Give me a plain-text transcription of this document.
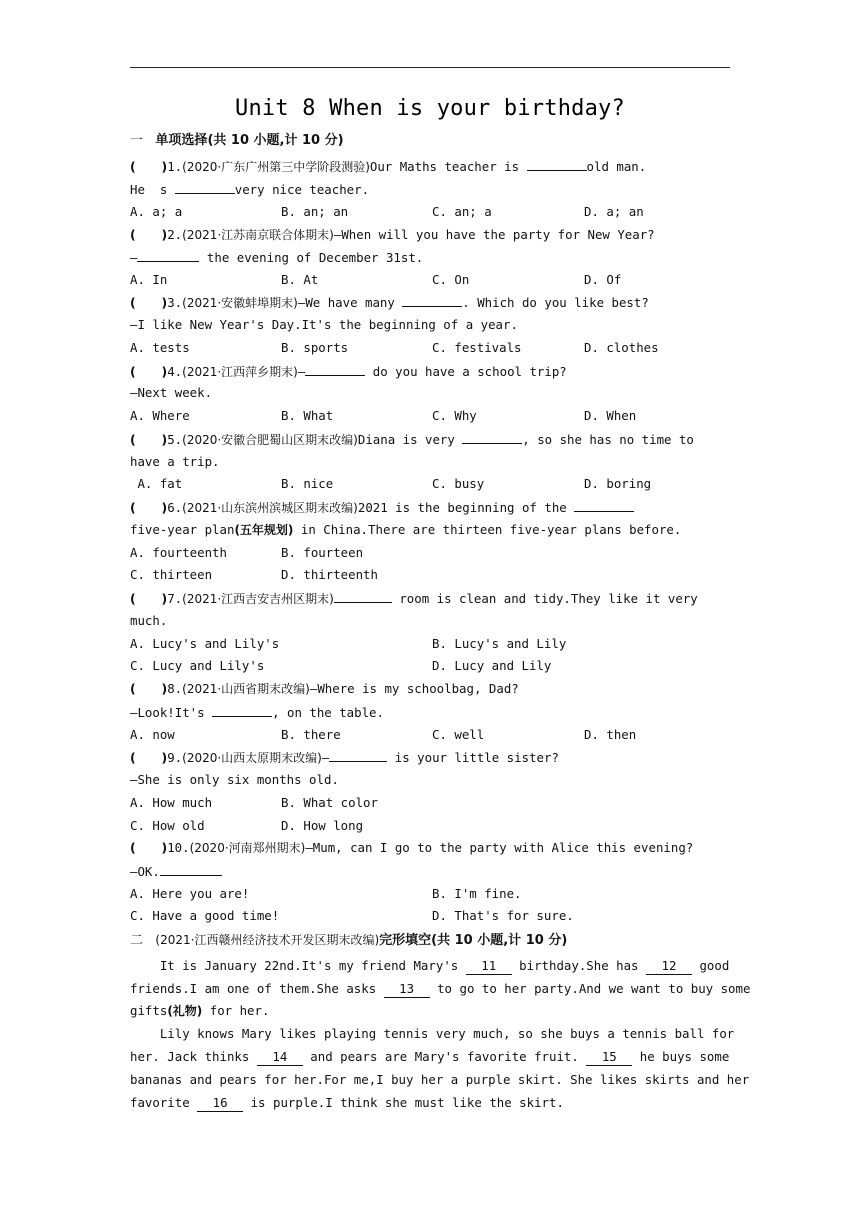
Unit 8 When is your birthday?
一 单项选择(共 10 小题,计 10 分)
(      )1.(2020·广东广州第三中学阶段测验)Our Maths teacher is	old man.
He  s	very nice teacher.
A. a; a	B. an; an	C. an; a	D. a; an
(      )2.(2021·江苏南京联合体期末)—When will you have the party for New Year?
—	the evening of December 31st.
A. In	B. At	C. On	D. Of
(      )3.(2021·安徽蚌埠期末)—We have many	. Which do you like best?
—I like New Year's Day.It's the beginning of a year.
A. tests	B. sports	C. festivals	D. clothes
(      )4.(2021·江西萍乡期末)—	do you have a school trip?
—Next week.
A. Where	B. What	C. Why	D. When
(      )5.(2020·安徽合肥蜀山区期末改编)Diana is very	, so she has no time to
have a trip.
A. fat	B. nice	C. busy	D. boring
(      )6.(2021·山东滨州滨城区期末改编)2021 is the beginning of the
five-year plan(五年规划) in China.There are thirteen five-year plans before.
A. fourteenth	B. fourteen
C. thirteen	D. thirteenth
(      )7.(2021·江西吉安吉州区期末)	room is clean and tidy.They like it very
much.
A. Lucy's and Lily's	B. Lucy's and Lily
C. Lucy and Lily's	D. Lucy and Lily
(      )8.(2021·山西省期末改编)—Where is my schoolbag, Dad?
—Look!It's	, on the table.
A. now	B. there	C. well	D. then
(      )9.(2020·山西太原期末改编)—	is your little sister?
—She is only six months old.
A. How much	B. What color
C. How old	D. How long
(      )10.(2020·河南郑州期末)—Mum, can I go to the party with Alice this evening?
—OK.
A. Here you are!	B. I'm fine.
C. Have a good time!	D. That's for sure.
二 (2021·江西赣州经济技术开发区期末改编)完形填空(共 10 小题,计 10 分)
It is January 22nd.It's my friend Mary's 11 birthday.She has 12 good
friends.I am one of them.She asks 13 to go to her party.And we want to buy some
gifts(礼物) for her.
Lily knows Mary likes playing tennis very much, so she buys a tennis ball for
her. Jack thinks 14 and pears are Mary's favorite fruit. 15 he buys some
bananas and pears for her.For me,I buy her a purple skirt. She likes skirts and her
favorite 16 is purple.I think she must like the skirt.
